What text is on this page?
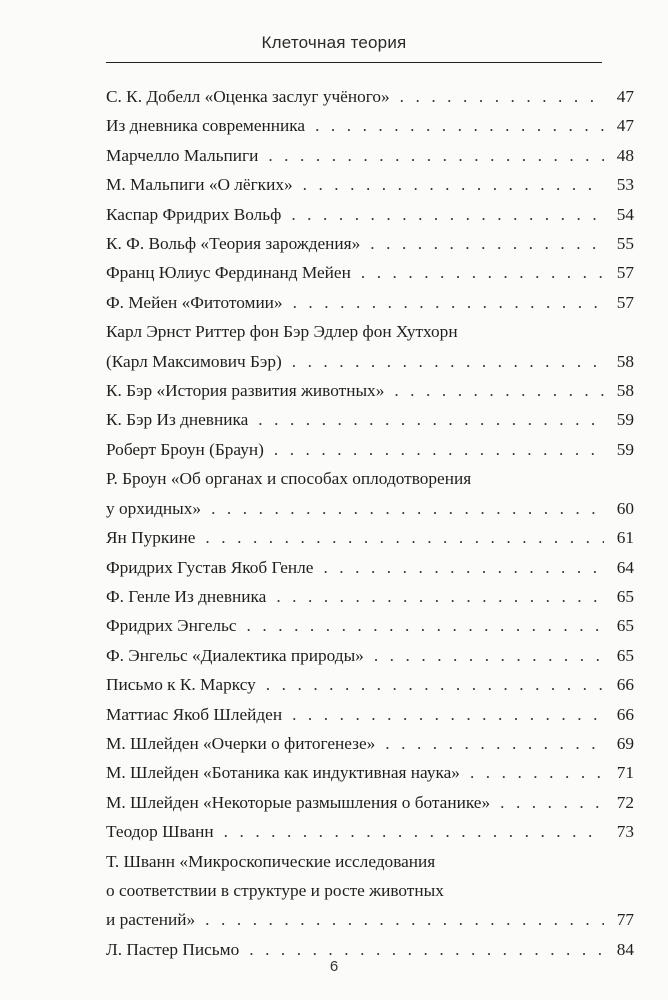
Клеточная теория
С. К. Добелл «Оценка заслуг учёного» . . .	47
Из дневника современника . . .	47
Марчелло Мальпиги . . .	48
М. Мальпиги «О лёгких» . . .	53
Каспар Фридрих Вольф . . .	54
К. Ф. Вольф «Теория зарождения» . . .	55
Франц Юлиус Фердинанд Мейен . . .	57
Ф. Мейен «Фитотомии» . . .	57
Карл Эрнст Риттер фон Бэр Эдлер фон Хутхорн
(Карл Максимович Бэр) . . .	58
К. Бэр «История развития животных» . . .	58
К. Бэр Из дневника . . .	59
Роберт Броун (Браун) . . .	59
Р. Броун «Об органах и способах оплодотворения
у орхидных» . . .	60
Ян Пуркине . . .	61
Фридрих Густав Якоб Генле . . .	64
Ф. Генле Из дневника . . .	65
Фридрих Энгельс . . .	65
Ф. Энгельс «Диалектика природы» . . .	65
Письмо к К. Марксу . . .	66
Маттиас Якоб Шлейден . . .	66
М. Шлейден «Очерки о фитогенезе» . . .	69
М. Шлейден «Ботаника как индуктивная наука» . . .	71
М. Шлейден «Некоторые размышления о ботанике» . . .	72
Теодор Шванн . . .	73
Т. Шванн «Микроскопические исследования
о соответствии в структуре и росте животных
и растений» . . .	77
Л. Пастер Письмо . . .	84
6
